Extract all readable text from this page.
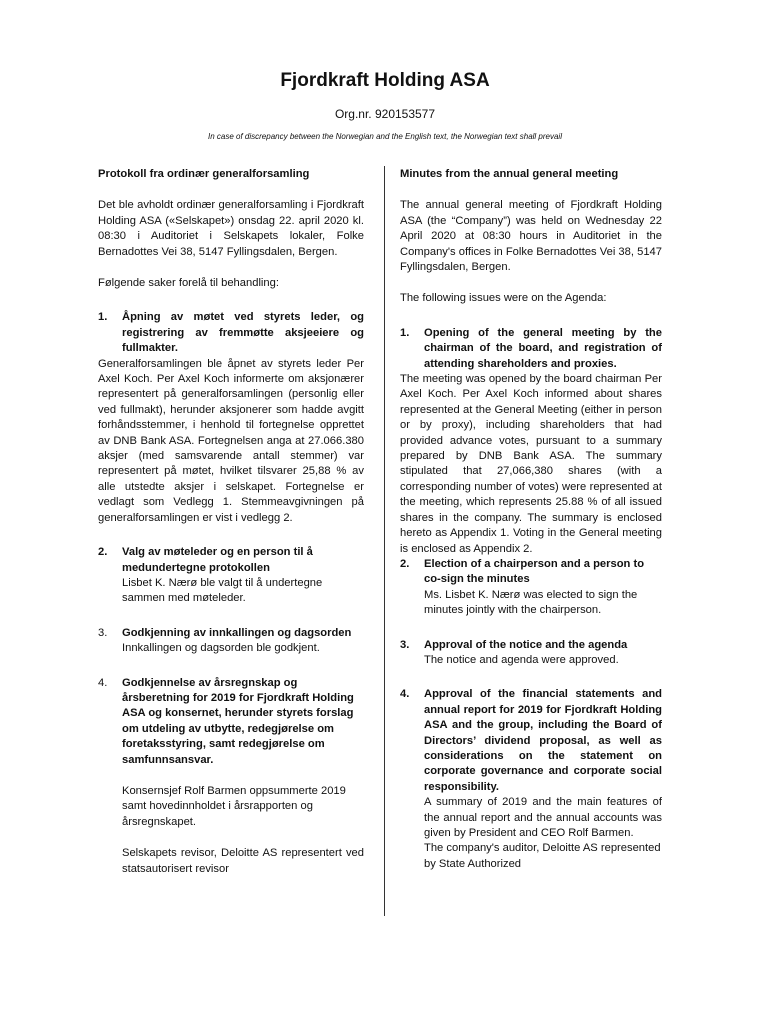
Fjordkraft Holding ASA
Org.nr. 920153577
In case of discrepancy between the Norwegian and the English text, the Norwegian text shall prevail
Protokoll fra ordinær generalforsamling

Det ble avholdt ordinær generalforsamling i Fjordkraft Holding ASA («Selskapet») onsdag 22. april 2020 kl. 08:30 i Auditoriet i Selskapets lokaler, Folke Bernadottes Vei 38, 5147 Fyllingsdalen, Bergen.

Følgende saker forelå til behandling:

1.	Åpning av møtet ved styrets leder, og registrering av fremmøtte aksjeeiere og fullmakter.

Generalforsamlingen ble åpnet av styrets leder Per Axel Koch. Per Axel Koch informerte om aksjonærer representert på generalforsamlingen (personlig eller ved fullmakt), herunder aksjonerer som hadde avgitt forhåndsstemmer, i henhold til fortegnelse opprettet av DNB Bank ASA. Fortegnelsen anga at 27.066.380 aksjer (med samsvarende antall stemmer) var representert på møtet, hvilket tilsvarer 25,88 % av alle utstedte aksjer i selskapet. Fortegnelse er vedlagt som Vedlegg 1. Stemmeavgivningen på generalforsamlingen er vist i vedlegg 2.

2.	Valg av møteleder og en person til å medundertegne protokollen

Lisbet K. Nærø ble valgt til å undertegne sammen med møteleder.

3.	Godkjenning av innkallingen og dagsorden

Innkallingen og dagsorden ble godkjent.

4.	Godkjennelse av årsregnskap og årsberetning for 2019 for Fjordkraft Holding ASA og konsernet, herunder styrets forslag om utdeling av utbytte, redegjørelse om foretaksstyring, samt redegjørelse om samfunnsansvar.

Konsernsjef Rolf Barmen oppsummerte 2019 samt hovedinnholdet i årsrapporten og årsregnskapet.

Selskapets revisor, Deloitte AS representert ved statsautorisert revisor

Minutes from the annual general meeting

The annual general meeting of Fjordkraft Holding ASA (the “Company”) was held on Wednesday 22 April 2020 at 08:30 hours in Auditoriet in the Company's offices in Folke Bernadottes Vei 38, 5147 Fyllingsdalen, Bergen.

The following issues were on the Agenda:

1.	Opening of the general meeting by the chairman of the board, and registration of attending shareholders and proxies.

The meeting was opened by the board chairman Per Axel Koch. Per Axel Koch informed about shares represented at the General Meeting (either in person or by proxy), including shareholders that had provided advance votes, pursuant to a summary prepared by DNB Bank ASA. The summary stipulated that 27,066,380 shares (with a corresponding number of votes) were represented at the meeting, which represents 25.88 % of all issued shares in the company. The summary is enclosed hereto as Appendix 1. Voting in the General meeting is enclosed as Appendix 2.

2.	Election of a chairperson and a person to co-sign the minutes

Ms. Lisbet K. Nærø was elected to sign the minutes jointly with the chairperson.

3.	Approval of the notice and the agenda

The notice and agenda were approved.

4.	Approval of the financial statements and annual report for 2019 for Fjordkraft Holding ASA and the group, including the Board of Directors’ dividend proposal, as well as considerations on the statement on corporate governance and corporate social responsibility.

A summary of 2019 and the main features of the annual report and the annual accounts was given by President and CEO Rolf Barmen.

The company's auditor, Deloitte AS represented by State Authorized
